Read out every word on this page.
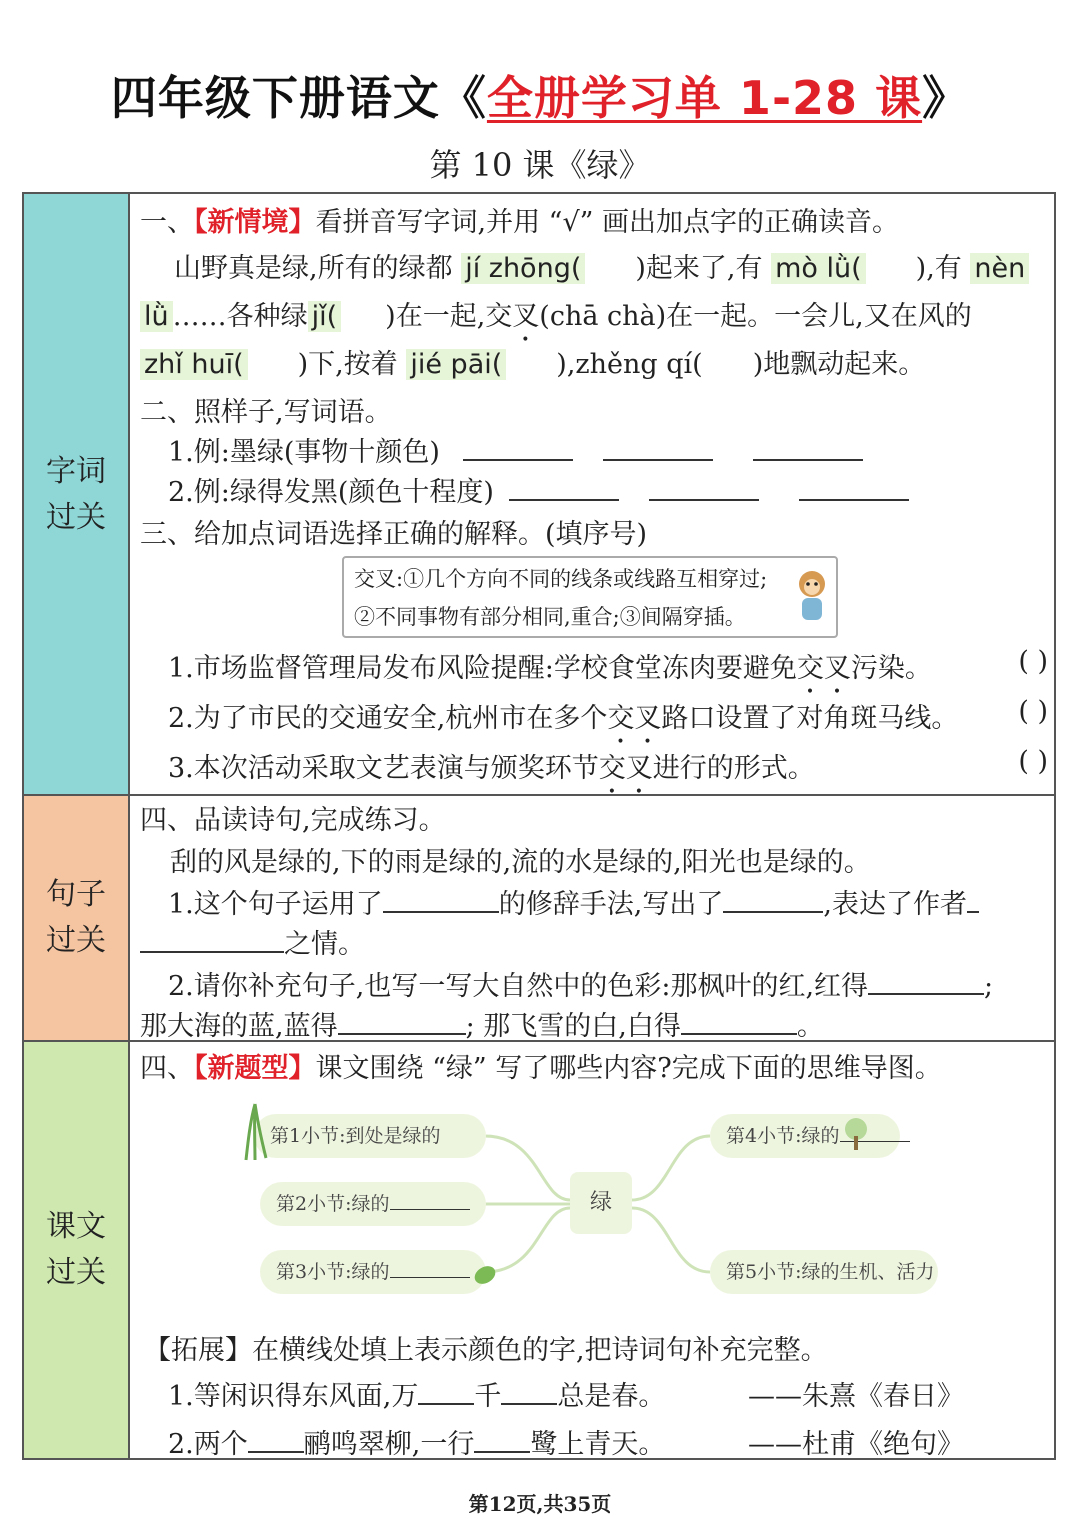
四年级下册语文《全册学习单 1-28 课》
第 10 课《绿》
字词
过关
句子
过关
课文
过关
一、【新情境】看拼音写字词,并用 “√” 画出加点字的正确读音。
山野真是绿,所有的绿都 jí zhōng( )起来了,有 mò lǜ( ),有 nèn
lǜ ……各种绿 jǐ( )在一起,交叉(chā chà)在一起。一会儿,又在风的
zhǐ huī( )下,按着 jié pāi( ),zhěng qí( )地飘动起来。
二、照样子,写词语。
1.例:墨绿(事物十颜色)
2.例:绿得发黑(颜色十程度)
三、给加点词语选择正确的解释。(填序号)
交叉:①几个方向不同的线条或线路互相穿过;
②不同事物有部分相同,重合;③间隔穿插。
1.市场监督管理局发布风险提醒:学校食堂冻肉要避免交叉污染。	( )
2.为了市民的交通安全,杭州市在多个交叉路口设置了对角斑马线。 ( )
3.本次活动采取文艺表演与颁奖环节交叉进行的形式。	( )
四、品读诗句,完成练习。
刮的风是绿的,下的雨是绿的,流的水是绿的,阳光也是绿的。
1.这个句子运用了	的修辞手法,写出了	,表达了作者
之情。
2.请你补充句子,也写一写大自然中的色彩:那枫叶的红,红得	;
那大海的蓝,蓝得	; 那飞雪的白,白得	。
四、【新题型】课文围绕 “绿” 写了哪些内容?完成下面的思维导图。
绿
第1小节:到处是绿的
第2小节:绿的
第3小节:绿的
第4小节:绿的
第5小节:绿的生机、活力
【拓展】在横线处填上表示颜色的字,把诗词句补充完整。
1.等闲识得东风面,万 千 总是春。	——朱熹《春日》
2.两个 鹂鸣翠柳,一行 鹭上青天。	——杜甫《绝句》
第12页,共35页
